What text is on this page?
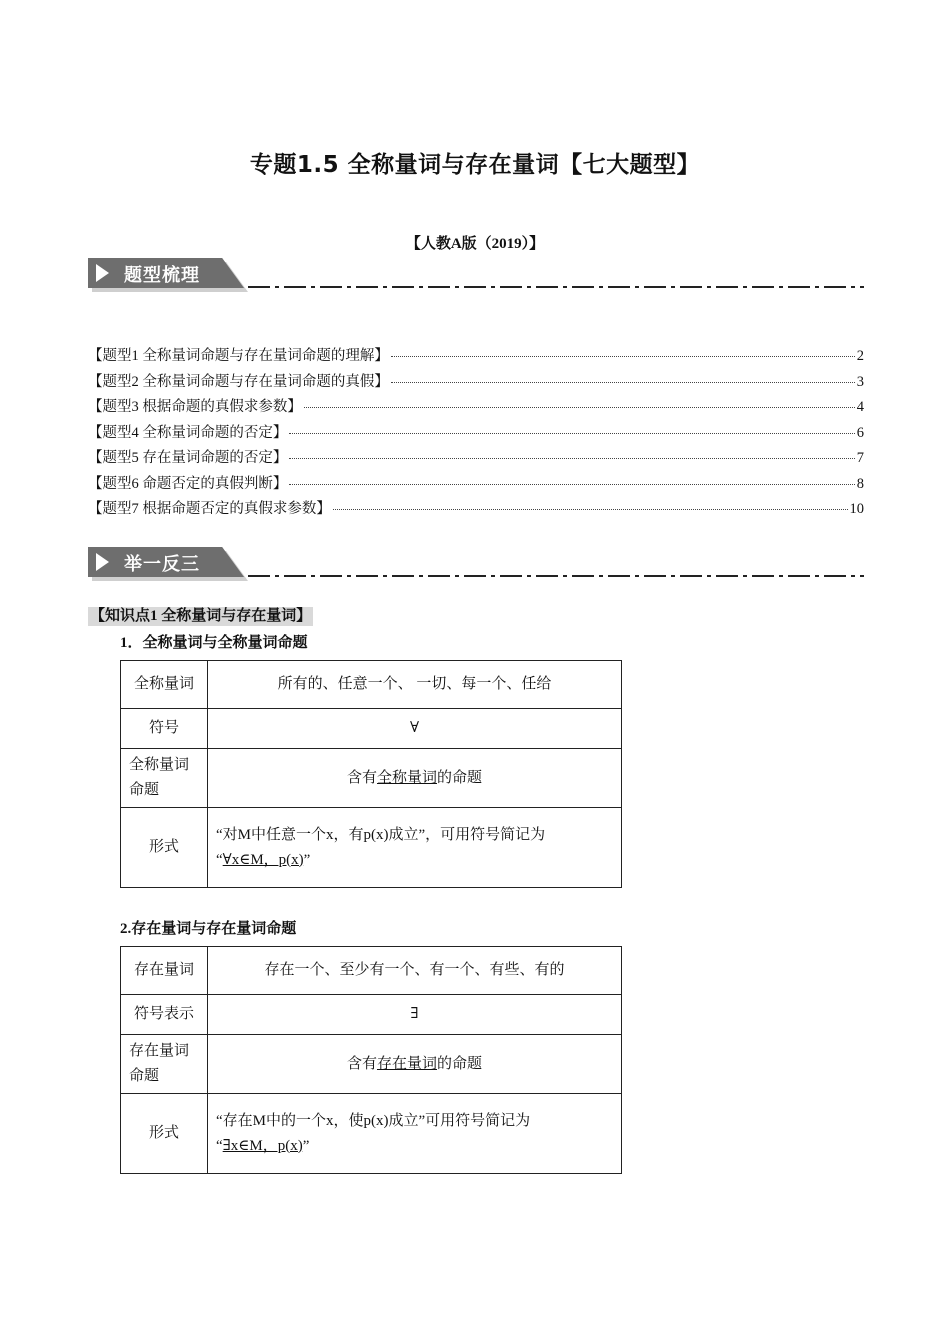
专题1.5 全称量词与存在量词【七大题型】
【人教A版（2019）】
题型梳理
【题型1 全称量词命题与存在量词命题的理解】	2
【题型2 全称量词命题与存在量词命题的真假】	3
【题型3 根据命题的真假求参数】	4
【题型4 全称量词命题的否定】	6
【题型5 存在量词命题的否定】	7
【题型6 命题否定的真假判断】	8
【题型7 根据命题否定的真假求参数】	10
举一反三
【知识点1 全称量词与存在量词】
1．全称量词与全称量词命题
全称量词	所有的、任意一个、 一切、每一个、任给
符号	∀
全称量词命题	含有全称量词的命题
形式	“对M中任意一个x，有p(x)成立”，可用符号简记为
“∀x∈M，p(x)”
2.存在量词与存在量词命题
存在量词	存在一个、至少有一个、有一个、有些、有的
符号表示	∃
存在量词命题	含有存在量词的命题
形式	“存在M中的一个x，使p(x)成立”可用符号简记为
“∃x∈M，p(x)”
